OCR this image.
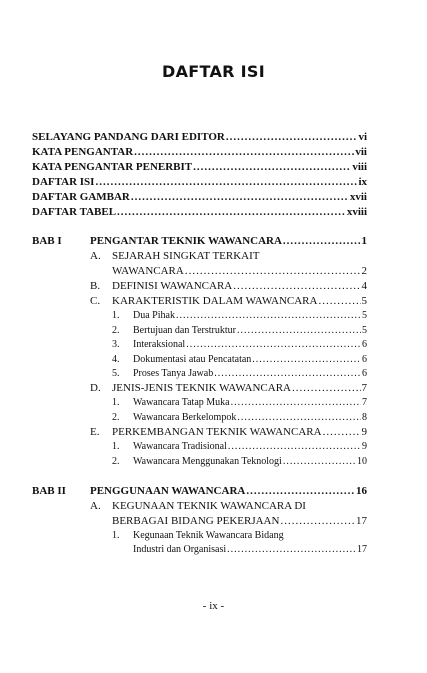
DAFTAR ISI
SELAYANG PANDANG DARI EDITOR .....	vi
KATA PENGANTAR .....	vii
KATA PENGANTAR PENERBIT .....	viii
DAFTAR ISI .....	ix
DAFTAR GAMBAR .....	xvii
DAFTAR TABEL .....	xviii
BAB I	PENGANTAR TEKNIK WAWANCARA .....	1
A. SEJARAH SINGKAT TERKAIT
WAWANCARA .....	2
B. DEFINISI WAWANCARA .....	4
C. KARAKTERISTIK DALAM WAWANCARA .....	5
1. Dua Pihak .....	5
2. Bertujuan dan Terstruktur .....	5
3. Interaksional .....	6
4. Dokumentasi atau Pencatatan .....	6
5. Proses Tanya Jawab .....	6
D. JENIS-JENIS TEKNIK WAWANCARA .....	7
1. Wawancara Tatap Muka .....	7
2. Wawancara Berkelompok .....	8
E. PERKEMBANGAN TEKNIK WAWANCARA .....	9
1. Wawancara Tradisional .....	9
2. Wawancara Menggunakan Teknologi .....	10
BAB II PENGGUNAAN WAWANCARA .....	16
A. KEGUNAAN TEKNIK WAWANCARA DI
BERBAGAI BIDANG PEKERJAAN .....	17
1. Kegunaan Teknik Wawancara Bidang
Industri dan Organisasi .....	17
- ix -
